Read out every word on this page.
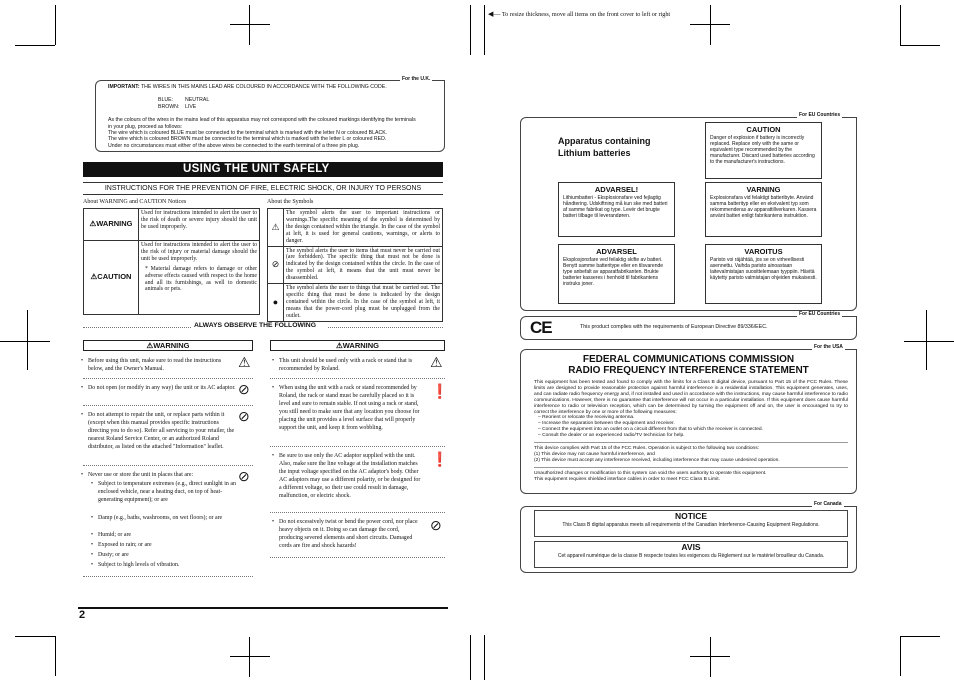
◀— To resize thickness, move all items on the front cover to left or right
For the U.K.
IMPORTANT: THE WIRES IN THIS MAINS LEAD ARE COLOURED IN ACCORDANCE WITH THE FOLLOWING CODE.
BLUE: NEUTRAL
BROWN: LIVE
As the colours of the wires in the mains lead of this apparatus may not correspond with the coloured markings identifying the terminals in your plug, proceed as follows:
The wire which is coloured BLUE must be connected to the terminal which is marked with the letter N or coloured BLACK.
The wire which is coloured BROWN must be connected to the terminal which is marked with the letter L or coloured RED.
Under no circumstances must either of the above wires be connected to the earth terminal of a three pin plug.
USING THE UNIT SAFELY
INSTRUCTIONS FOR THE PREVENTION OF FIRE, ELECTRIC SHOCK, OR INJURY TO PERSONS
About WARNING and CAUTION Notices	About the Symbols
⚠WARNING	Used for instructions intended to alert the user to the risk of death or severe injury should the unit be used improperly.
⚠CAUTION	Used for instructions intended to alert the user to the risk of injury or material damage should the unit be used improperly.
* Material damage refers to damage or other adverse effects caused with respect to the home and all its furnishings, as well to domestic animals or pets.
⚠	The symbol alerts the user to important instructions or warnings.The specific meaning of the symbol is determined by the design contained within the triangle. In the case of the symbol at left, it is used for general cautions, warnings, or alerts to danger.
⊘	The symbol alerts the user to items that must never be carried out (are forbidden). The specific thing that must not be done is indicated by the design contained within the circle. In the case of the symbol at left, it means that the unit must never be disassembled.
●	The symbol alerts the user to things that must be carried out. The specific thing that must be done is indicated by the design contained within the circle. In the case of the symbol at left, it means that the power-cord plug must be unplugged from the outlet.
ALWAYS OBSERVE THE FOLLOWING
⚠WARNING	⚠WARNING
• Before using this unit, make sure to read the instructions below, and the Owner's Manual.	⚠
• Do not open (or modify in any way) the unit or its AC adaptor. ⊘
• Do not attempt to repair the unit, or replace parts within it (except when this manual provides specific instructions directing you to do so). Refer all servicing to your retailer, the nearest Roland Service Center, or an authorized Roland distributor, as listed on the attached "Information" leaflet.
⊘
• Never use or store the unit in places that are:	⊘
• Subject to temperature extremes (e.g., direct sunlight in an enclosed vehicle, near a heating duct, on top of heat-generating equipment); or are
• Damp (e.g., baths, washrooms, on wet floors); or are
• Humid; or are
• Exposed to rain; or are
• Dusty; or are
• Subject to high levels of vibration.
• This unit should be used only with a rack or stand that is recommended by Roland.	⚠
• When using the unit with a rack or stand recommended by Roland, the rack or stand must be carefully placed so it is level and sure to remain stable. If not using a rack or stand, you still need to make sure that any location you choose for placing the unit provides a level surface that will properly support the unit, and keep it from wobbling.
❗
• Be sure to use only the AC adaptor supplied with the unit. Also, make sure the line voltage at the installation matches the input voltage specified on the AC adaptor's body. Other AC adaptors may use a different polarity, or be designed for a different voltage, so their use could result in damage, malfunction, or electric shock.
❗
• Do not excessively twist or bend the power cord, nor place heavy objects on it. Doing so can damage the cord, producing severed elements and short circuits. Damaged cords are fire and shock hazards!
⊘
2
For EU Countries
Apparatus containing Lithium batteries
CAUTION
Danger of explosion if battery is incorrectly replaced. Replace only with the same or equivalent type recommended by the manufacturer. Discard used batteries according to the manufacturer's instructions.
ADVARSEL!
Lithiumbatteri - Eksplosionsfare ved fejlagtig håndtering. Udskiftning må kun ske med batteri af samme fabrikat og type. Levér det brugte batteri tilbage til leverandøren.
VARNING
Explosionsfara vid felaktigt batteribyte. Använd samma batterityp eller en ekvivalent typ som rekommenderas av apparattillverkaren. Kassera använt batteri enligt fabrikantens instruktion.
ADVARSEL
Eksplosjonsfare ved feilaktig skifte av batteri. Benytt samme batteritype eller en tilsvarende type anbefalt av apparatfabrikanten. Brukte batterier kasseres i henhold til fabrikantens instruks joner.
VAROITUS
Paristo voi räjähtää, jos se on virheellisesti asennettu. Vaihda paristo ainoastaan laitevalmistajan suosittelemaan tyyppiin. Hävitä käytetty paristo valmistajan ohjeiden mukaisesti.
For EU Countries
CE	This product complies with the requirements of European Directive 89/336/EEC.
For the USA
FEDERAL COMMUNICATIONS COMMISSION
RADIO FREQUENCY INTERFERENCE STATEMENT
This equipment has been tested and found to comply with the limits for a Class B digital device, pursuant to Part 15 of the FCC Rules. These limits are designed to provide reasonable protection against harmful interference in a residential installation. This equipment generates, uses, and can radiate radio frequency energy and, if not installed and used in accordance with the instructions, may cause harmful interference to radio communications. However, there is no guarantee that interference will not occur in a particular installation. If this equipment does cause harmful interference to radio or television reception, which can be determined by turning the equipment off and on, the user is encouraged to try to correct the interference by one or more of the following measures:
– Reorient or relocate the receiving antenna.
– Increase the separation between the equipment and receiver.
– Connect the equipment into an outlet on a circuit different from that to which the receiver is connected.
– Consult the dealer or an experienced radio/TV technician for help.
This device complies with Part 15 of the FCC Rules. Operation is subject to the following two conditions:
(1) This device may not cause harmful interference, and
(2) This device must accept any interference received, including interference that may cause undesired operation.
Unauthorized changes or modification to this system can void the users authority to operate this equipment.
This equipment requires shielded interface cables in order to meet FCC Class B Limit.
For Canada
NOTICE
This Class B digital apparatus meets all requirements of the Canadian Interference-Causing Equipment Regulations.
AVIS
Cet appareil numérique de la classe B respecte toutes les exigences du Règlement sur le matériel brouilleur du Canada.
